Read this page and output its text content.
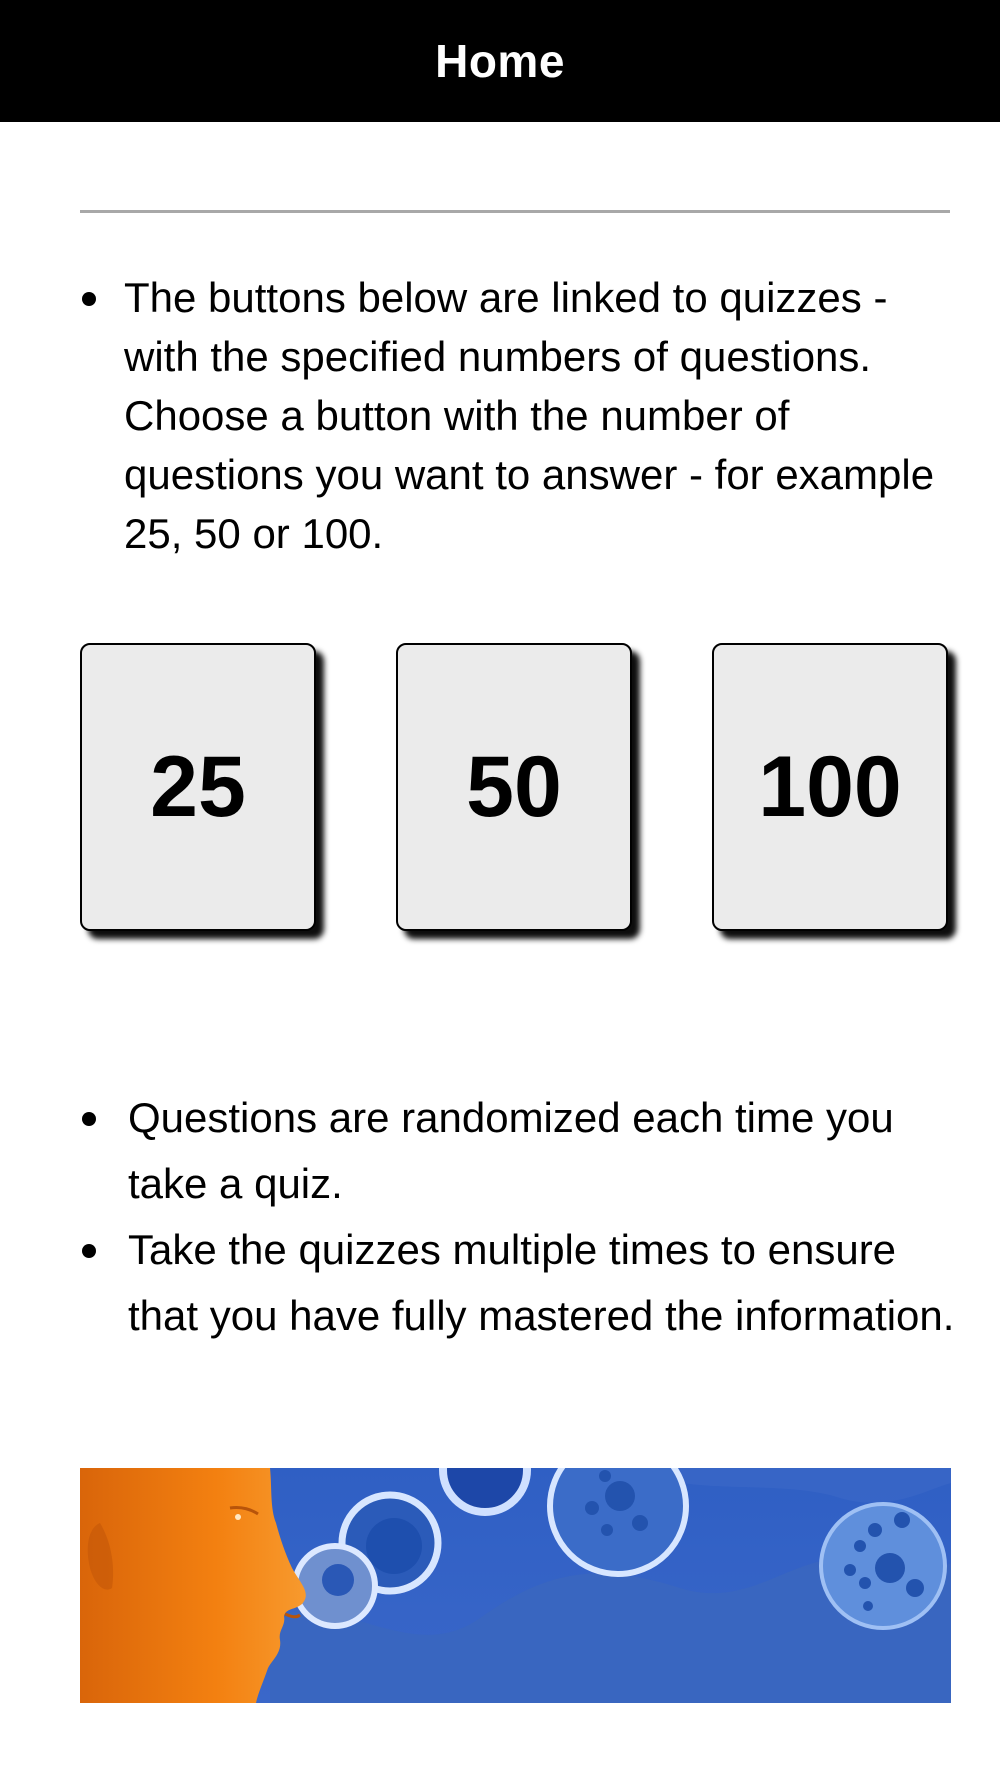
Home
The buttons below are linked to quizzes - with the specified numbers of questions. Choose a button with the number of questions you want to answer - for example 25, 50 or 100.
25	50 100
Questions are randomized each time you take a quiz.
Take the quizzes multiple times to ensure that you have fully mastered the information.
